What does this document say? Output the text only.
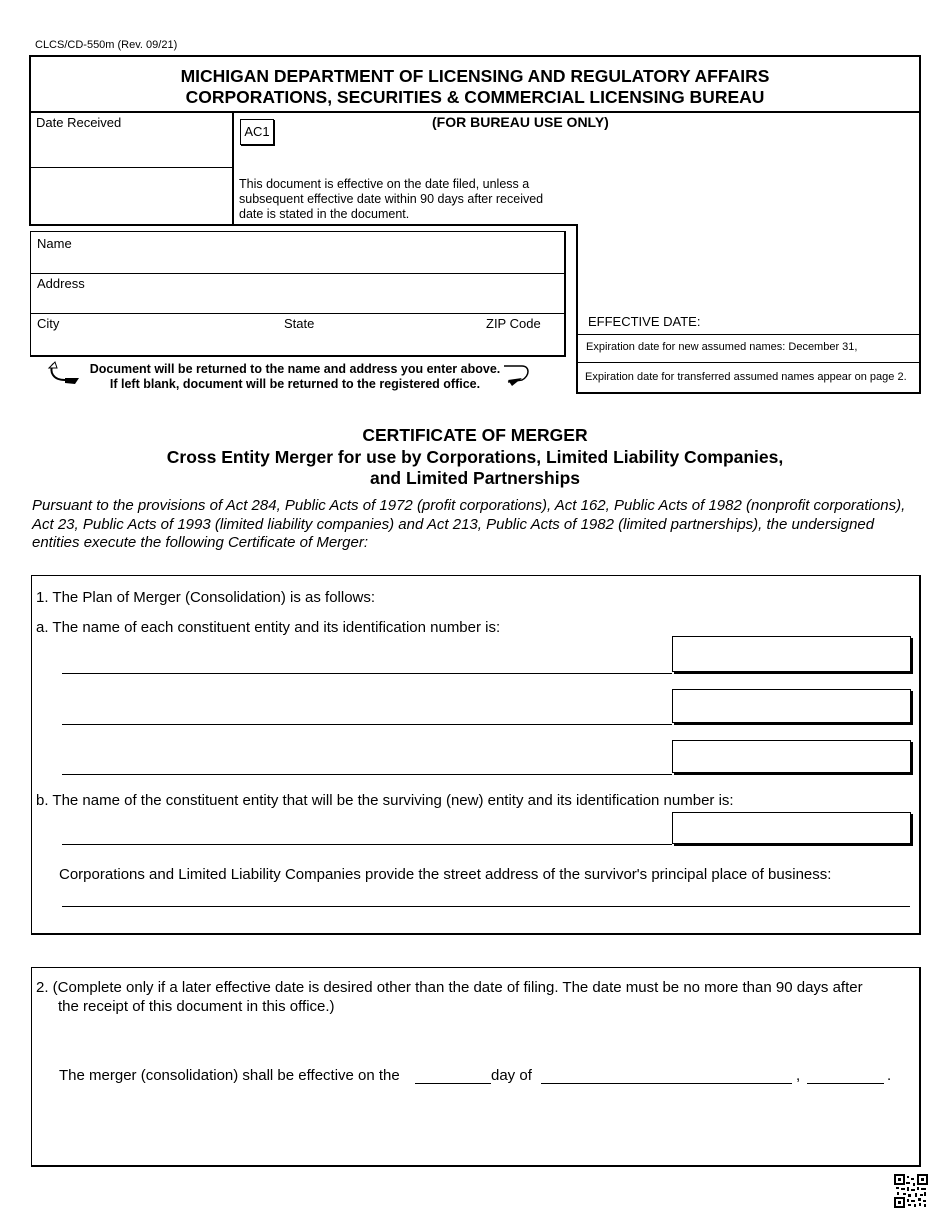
CLCS/CD-550m (Rev. 09/21)
MICHIGAN DEPARTMENT OF LICENSING AND REGULATORY AFFAIRS
CORPORATIONS, SECURITIES & COMMERCIAL LICENSING BUREAU
Date Received
AC1
(FOR BUREAU USE ONLY)
This document is effective on the date filed, unless a subsequent effective date within 90 days after received date is stated in the document.
Name
Address
City	State	ZIP Code
Document will be returned to the name and address you enter above.
If left blank, document will be returned to the registered office.
EFFECTIVE DATE:
Expiration date for new assumed names: December 31,
Expiration date for transferred assumed names appear on page 2.
CERTIFICATE OF MERGER
Cross Entity Merger for use by Corporations, Limited Liability Companies,
and Limited Partnerships
Pursuant to the provisions of Act 284, Public Acts of 1972 (profit corporations), Act 162, Public Acts of 1982 (nonprofit corporations), Act 23, Public Acts of 1993 (limited liability companies) and Act 213, Public Acts of 1982 (limited partnerships), the undersigned entities execute the following Certificate of Merger:
1. The Plan of Merger (Consolidation) is as follows:
a. The name of each constituent entity and its identification number is:
b. The name of the constituent entity that will be the surviving (new) entity and its identification number is:
Corporations and Limited Liability Companies provide the street address of the survivor's principal place of business:
2. (Complete only if a later effective date is desired other than the date of filing. The date must be no more than 90 days after
the receipt of this document in this office.)
The merger (consolidation) shall be effective on the	day of	,	.
